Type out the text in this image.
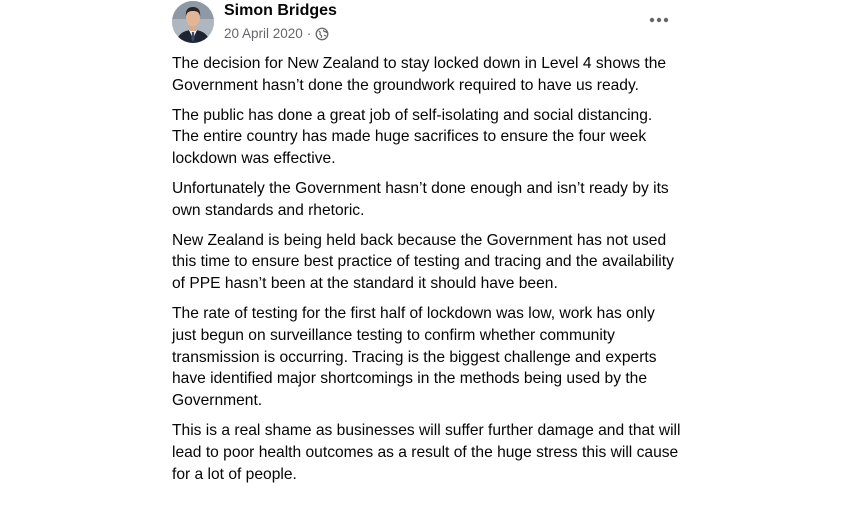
Simon Bridges
20 April 2020 ·

The decision for New Zealand to stay locked down in Level 4 shows the Government hasn’t done the groundwork required to have us ready.

The public has done a great job of self-isolating and social distancing. The entire country has made huge sacrifices to ensure the four week lockdown was effective.

Unfortunately the Government hasn’t done enough and isn’t ready by its own standards and rhetoric.

New Zealand is being held back because the Government has not used this time to ensure best practice of testing and tracing and the availability of PPE hasn’t been at the standard it should have been.

The rate of testing for the first half of lockdown was low, work has only just begun on surveillance testing to confirm whether community transmission is occurring. Tracing is the biggest challenge and experts have identified major shortcomings in the methods being used by the Government.

This is a real shame as businesses will suffer further damage and that will lead to poor health outcomes as a result of the huge stress this will cause for a lot of people.
